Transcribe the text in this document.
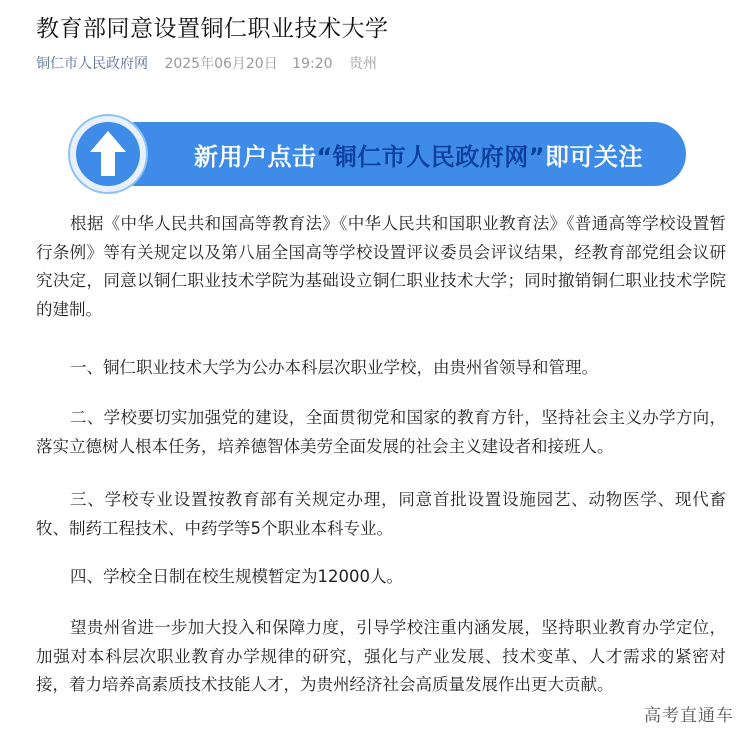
教育部同意设置铜仁职业技术大学
铜仁市人民政府网 2025年06月20日 19:20 贵州
新用户点击“铜仁市人民政府网”即可关注

根据《中华人民共和国高等教育法》《中华人民共和国职业教育法》《普通高等学校设置暂行条例》等有关规定以及第八届全国高等学校设置评议委员会评议结果，经教育部党组会议研究决定，同意以铜仁职业技术学院为基础设立铜仁职业技术大学；同时撤销铜仁职业技术学院的建制。

一、铜仁职业技术大学为公办本科层次职业学校，由贵州省领导和管理。

二、学校要切实加强党的建设，全面贯彻党和国家的教育方针，坚持社会主义办学方向，落实立德树人根本任务，培养德智体美劳全面发展的社会主义建设者和接班人。

三、学校专业设置按教育部有关规定办理，同意首批设置设施园艺、动物医学、现代畜牧、制药工程技术、中药学等5个职业本科专业。

四、学校全日制在校生规模暂定为12000人。

望贵州省进一步加大投入和保障力度，引导学校注重内涵发展，坚持职业教育办学定位，加强对本科层次职业教育办学规律的研究，强化与产业发展、技术变革、人才需求的紧密对接，着力培养高素质技术技能人才，为贵州经济社会高质量发展作出更大贡献。

高考直通车
